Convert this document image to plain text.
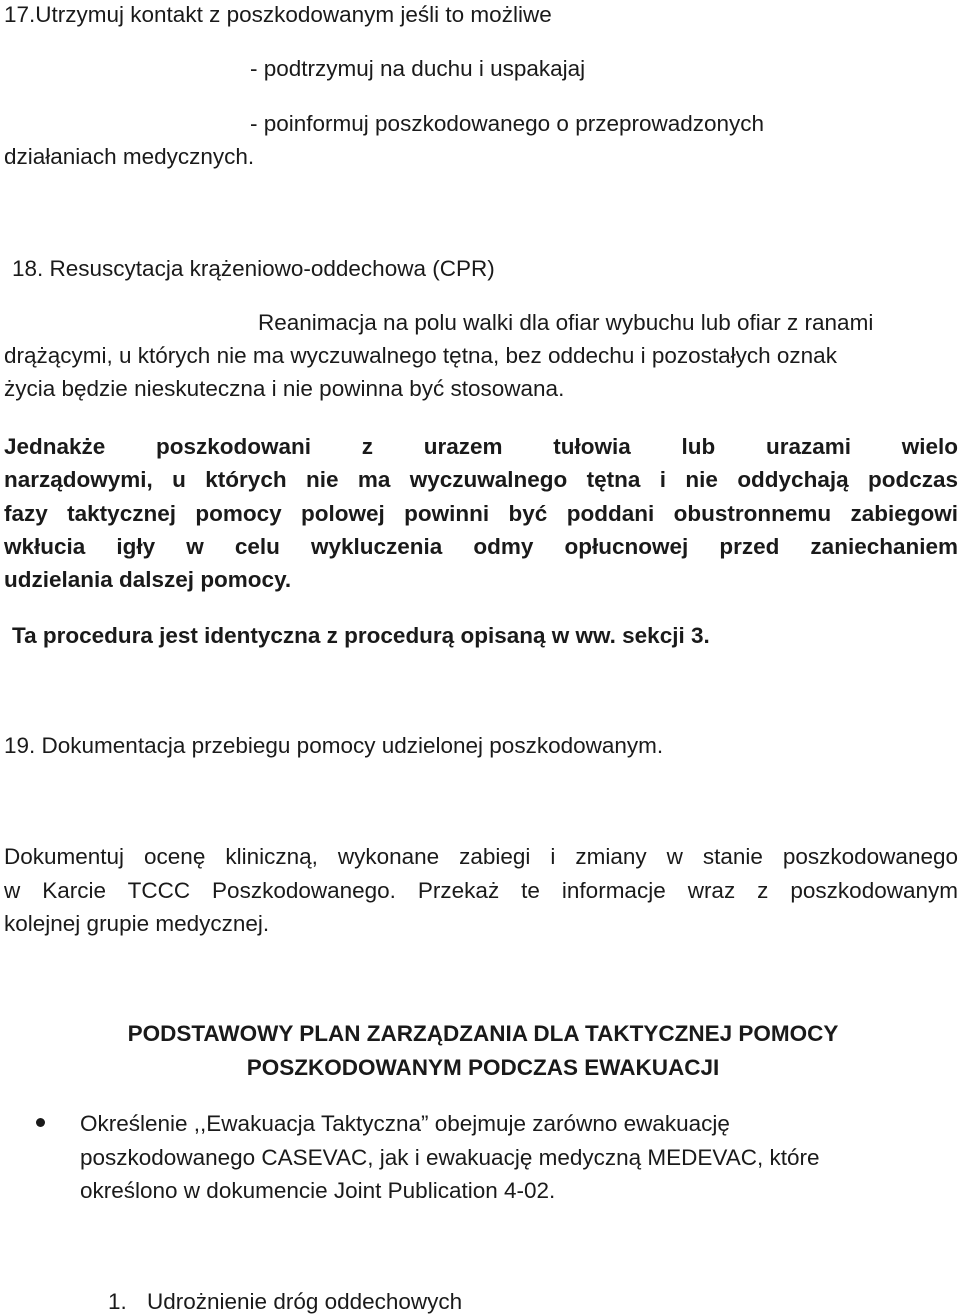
17.Utrzymuj kontakt z poszkodowanym jeśli to możliwe
- podtrzymuj na duchu i uspakajaj
- poinformuj poszkodowanego o przeprowadzonych
działaniach medycznych.
18. Resuscytacja krążeniowo-oddechowa (CPR)
Reanimacja na polu walki dla ofiar wybuchu lub ofiar z ranami
drążącymi, u których nie ma wyczuwalnego tętna, bez oddechu i pozostałych oznak
życia będzie nieskuteczna i nie powinna być stosowana.
Jednakże poszkodowani z urazem tułowia lub urazami wielo
narządowymi, u których nie ma wyczuwalnego tętna i nie oddychają podczas
fazy taktycznej pomocy polowej powinni być poddani obustronnemu zabiegowi
wkłucia igły w celu wykluczenia odmy opłucnowej przed zaniechaniem
udzielania dalszej pomocy.
Ta procedura jest identyczna z procedurą opisaną w ww. sekcji 3.
19. Dokumentacja przebiegu pomocy udzielonej poszkodowanym.
Dokumentuj ocenę kliniczną, wykonane zabiegi i zmiany w stanie poszkodowanego
w Karcie TCCC Poszkodowanego. Przekaż te informacje wraz z poszkodowanym
kolejnej grupie medycznej.
PODSTAWOWY PLAN ZARZĄDZANIA DLA TAKTYCZNEJ POMOCY
POSZKODOWANYM PODCZAS EWAKUACJI
Określenie ,,Ewakuacja Taktyczna” obejmuje zarówno ewakuację
poszkodowanego CASEVAC, jak i ewakuację medyczną MEDEVAC, które
określono w dokumencie Joint Publication 4-02.
1. Udrożnienie dróg oddechowych
